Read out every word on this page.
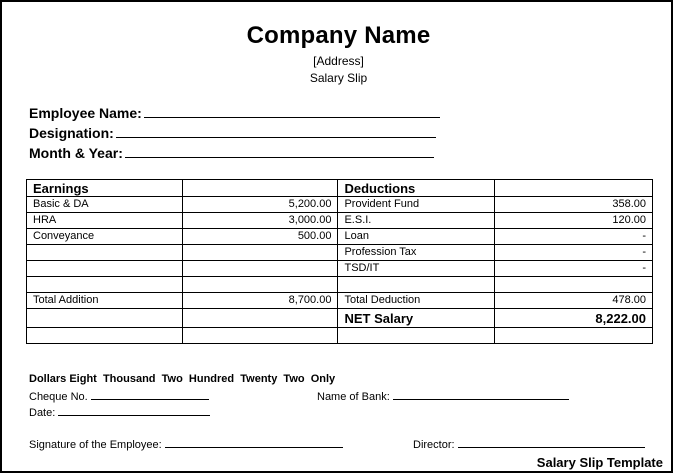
Company Name
[Address]
Salary Slip
Employee Name:
Designation:
Month & Year:
Earnings		Deductions	
Basic & DA	5,200.00	Provident Fund	358.00
HRA	3,000.00	E.S.I.	120.00
Conveyance	500.00	Loan	-
		Profession Tax	-
		TSD/IT	-

Total Addition	8,700.00	Total Deduction	478.00
		NET Salary	8,222.00

Dollars Eight  Thousand  Two  Hundred  Twenty  Two  Only
Cheque No.	Name of Bank:
Date:
Signature of the Employee:	Director:
Salary Slip Template
